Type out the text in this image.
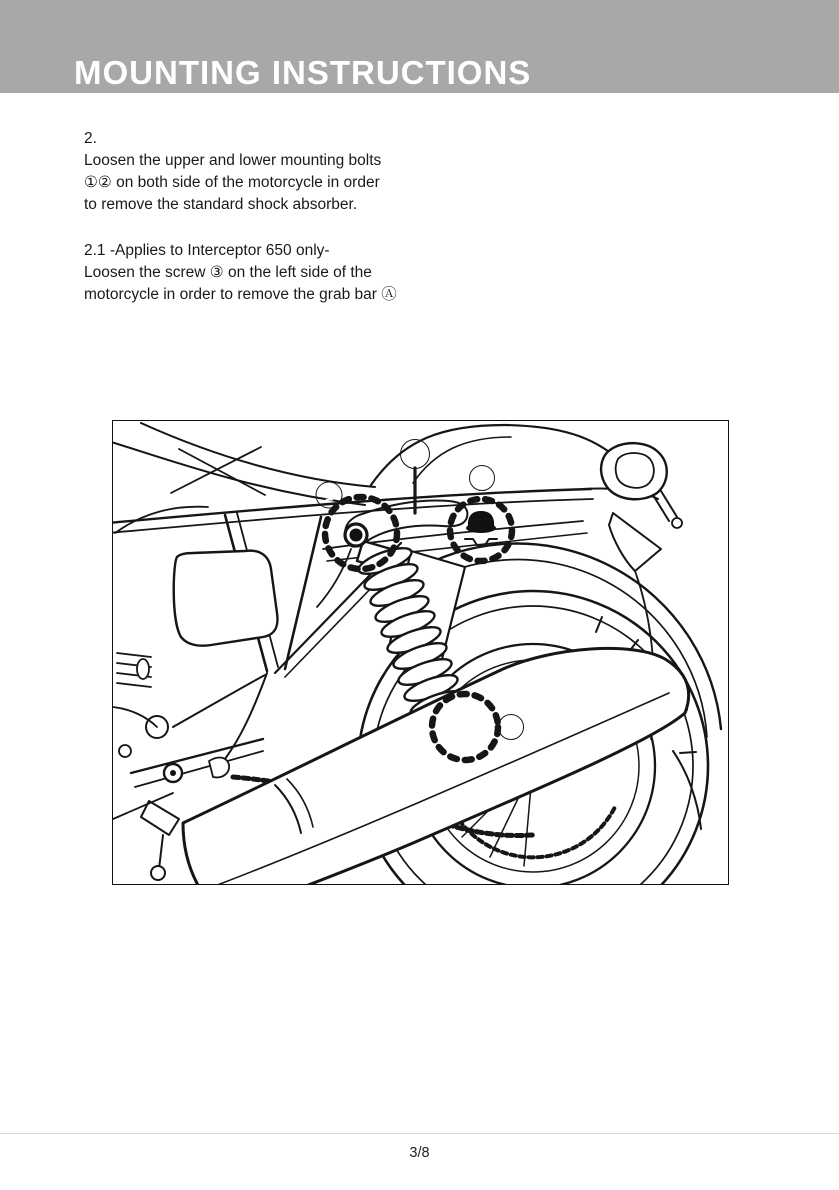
MOUNTING INSTRUCTIONS
2.
Loosen the upper and lower mounting bolts
①② on both side of the motorcycle in order
to remove the standard shock absorber.
2.1 -Applies to Interceptor 650 only-
Loosen the screw ③ on the left side of the
motorcycle in order to remove the grab bar Ⓐ
A
1
3
2
3/8
